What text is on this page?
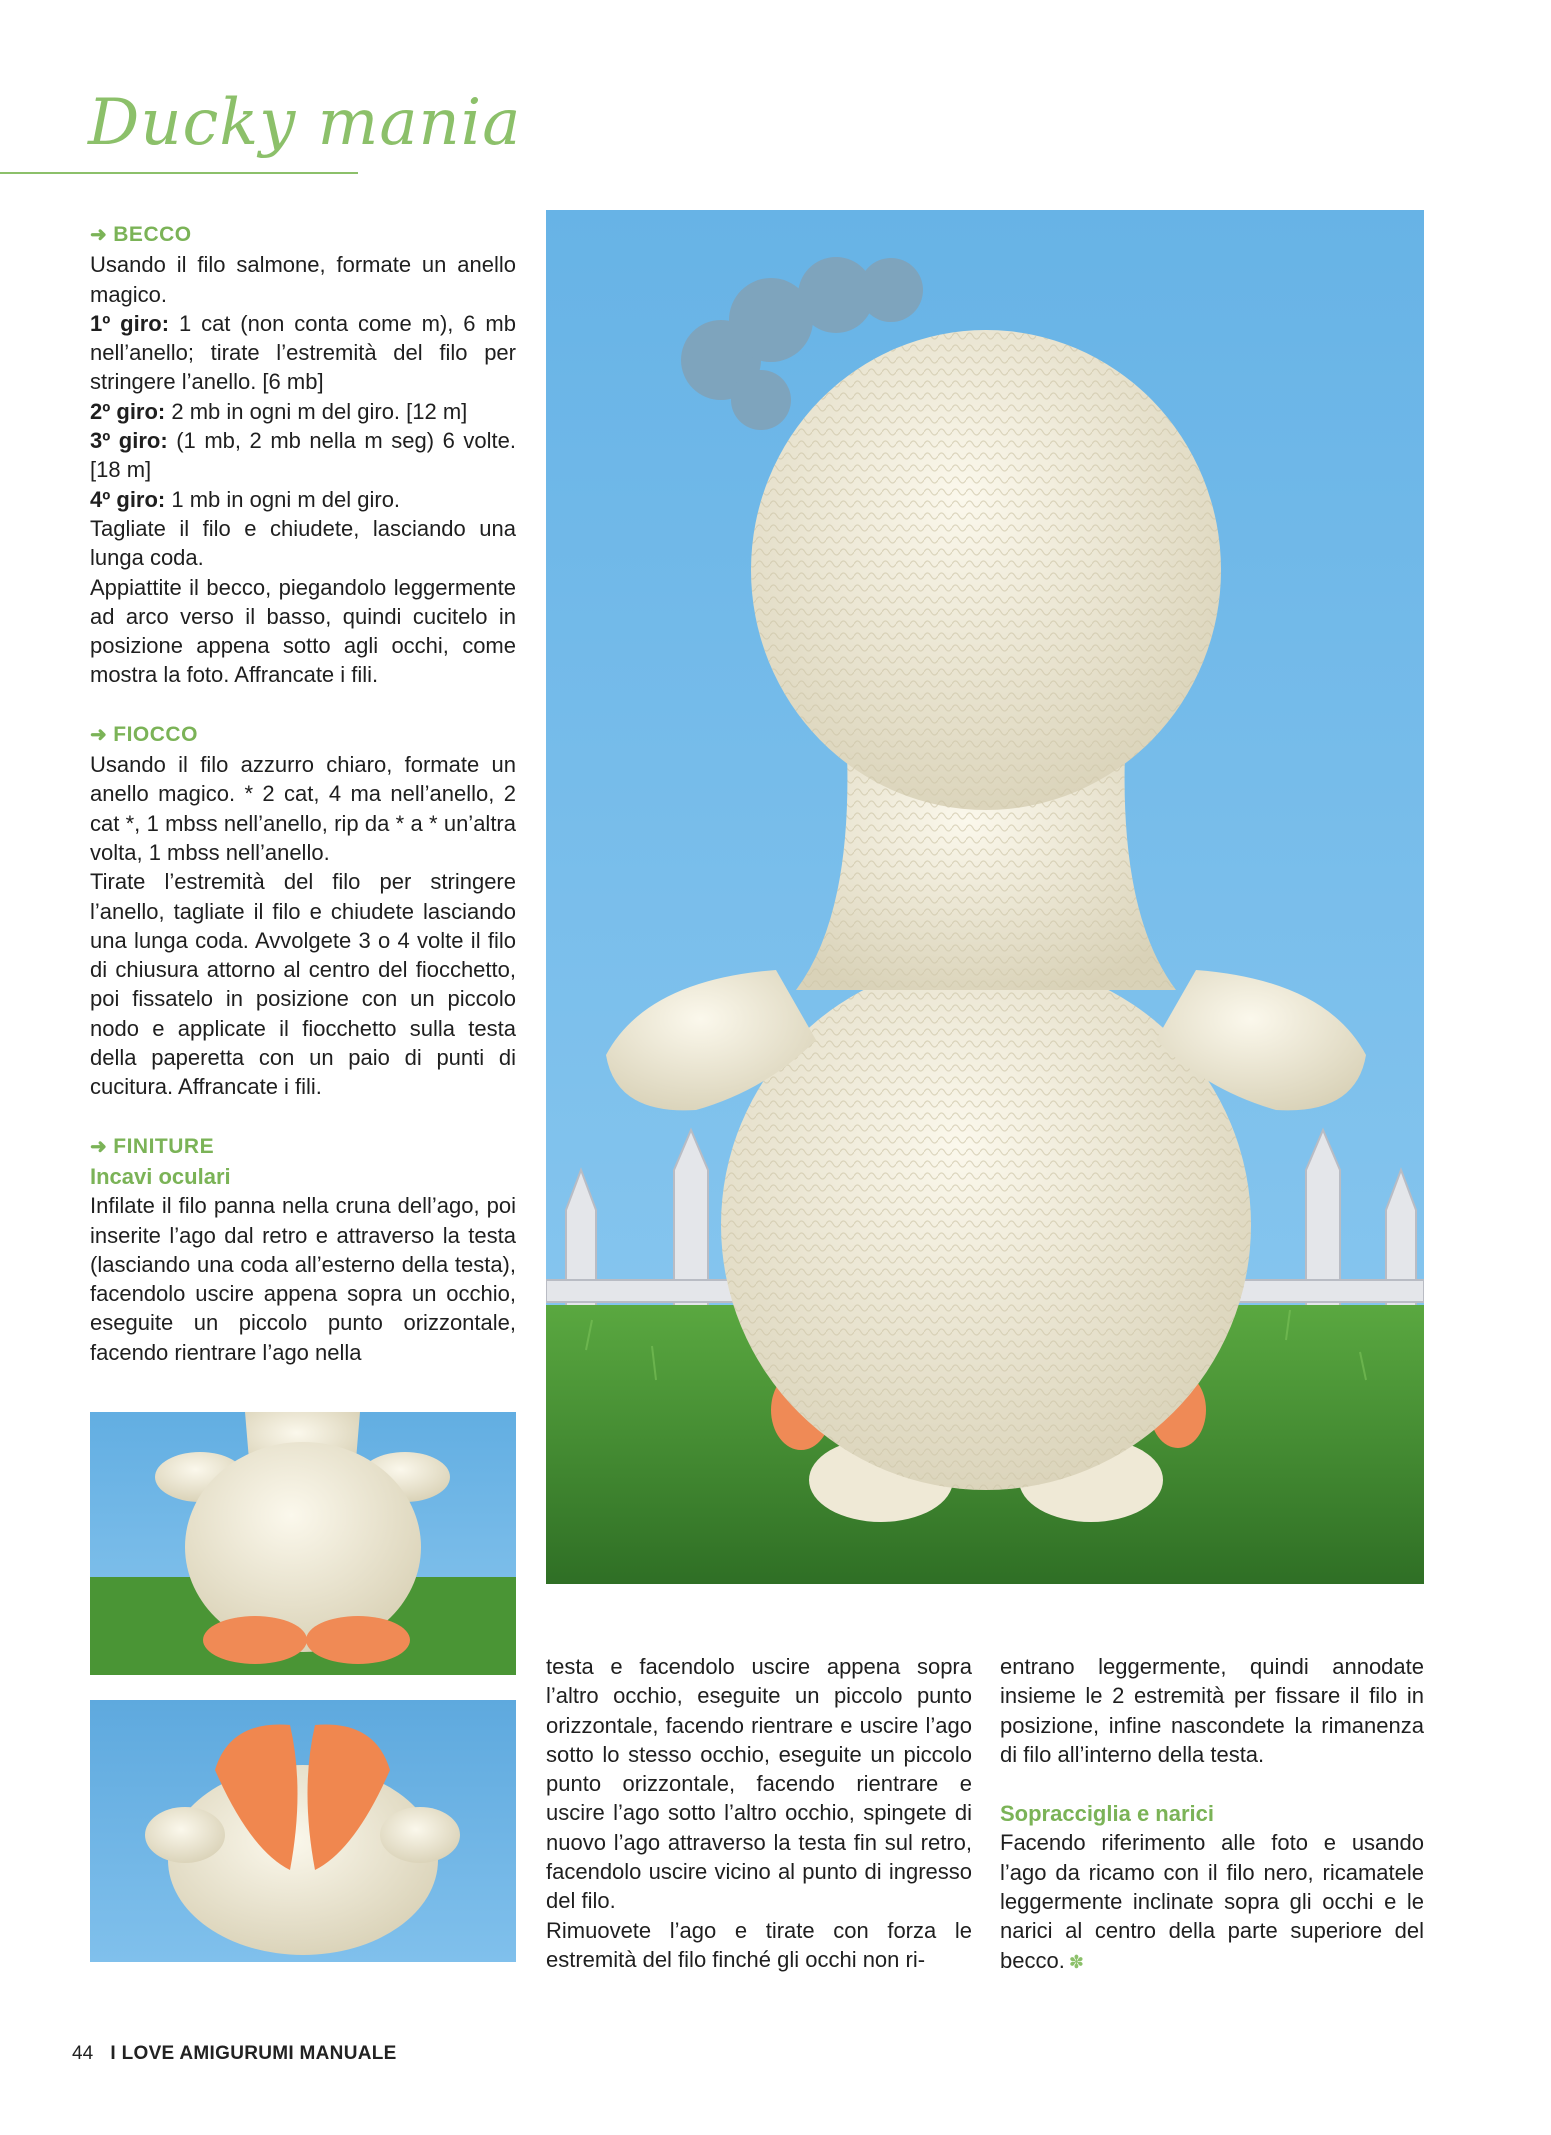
Ducky mania

➜ BECCO

Usando il filo salmone, formate un anello magico.

1º giro: 1 cat (non conta come m), 6 mb nell’anello; tirate l’estremità del filo per stringere l’anello. [6 mb]

2º giro: 2 mb in ogni m del giro. [12 m]

3º giro: (1 mb, 2 mb nella m seg) 6 volte. [18 m]

4º giro: 1 mb in ogni m del giro.

Tagliate il filo e chiudete, lasciando una lunga coda.

Appiattite il becco, piegandolo leggermente ad arco verso il basso, quindi cucitelo in posizione appena sotto agli occhi, come mostra la foto. Affrancate i fili.

➜ FIOCCO

Usando il filo azzurro chiaro, formate un anello magico. * 2 cat, 4 ma nell’anello, 2 cat *, 1 mbss nell’anello, rip da * a * un’altra volta, 1 mbss nell’anello.

Tirate l’estremità del filo per stringere l’anello, tagliate il filo e chiudete lasciando una lunga coda. Avvolgete 3 o 4 volte il filo di chiusura attorno al centro del fiocchetto, poi fissatelo in posizione con un piccolo nodo e applicate il fiocchetto sulla testa della paperetta con un paio di punti di cucitura. Affrancate i fili.

➜ FINITURE

Incavi oculari

Infilate il filo panna nella cruna dell’ago, poi inserite l’ago dal retro e attraverso la testa (lasciando una coda all’esterno della testa), facendolo uscire appena sopra un occhio, eseguite un piccolo punto orizzontale, facendo rientrare l’ago nella

testa e facendolo uscire appena sopra l’altro occhio, eseguite un piccolo punto orizzontale, facendo rientrare e uscire l’ago sotto lo stesso occhio, eseguite un piccolo punto orizzontale, facendo rientrare e uscire l’ago sotto l’altro occhio, spingete di nuovo l’ago attraverso la testa fin sul retro, facendolo uscire vicino al punto di ingresso del filo.

Rimuovete l’ago e tirate con forza le estremità del filo finché gli occhi non ri-

entrano leggermente, quindi annodate insieme le 2 estremità per fissare il filo in posizione, infine nascondete la rimanenza di filo all’interno della testa.

Sopracciglia e narici

Facendo riferimento alle foto e usando l’ago da ricamo con il filo nero, ricamatele leggermente inclinate sopra gli occhi e le narici al centro della parte superiore del becco. ✽

44 I LOVE AMIGURUMI MANUALE
